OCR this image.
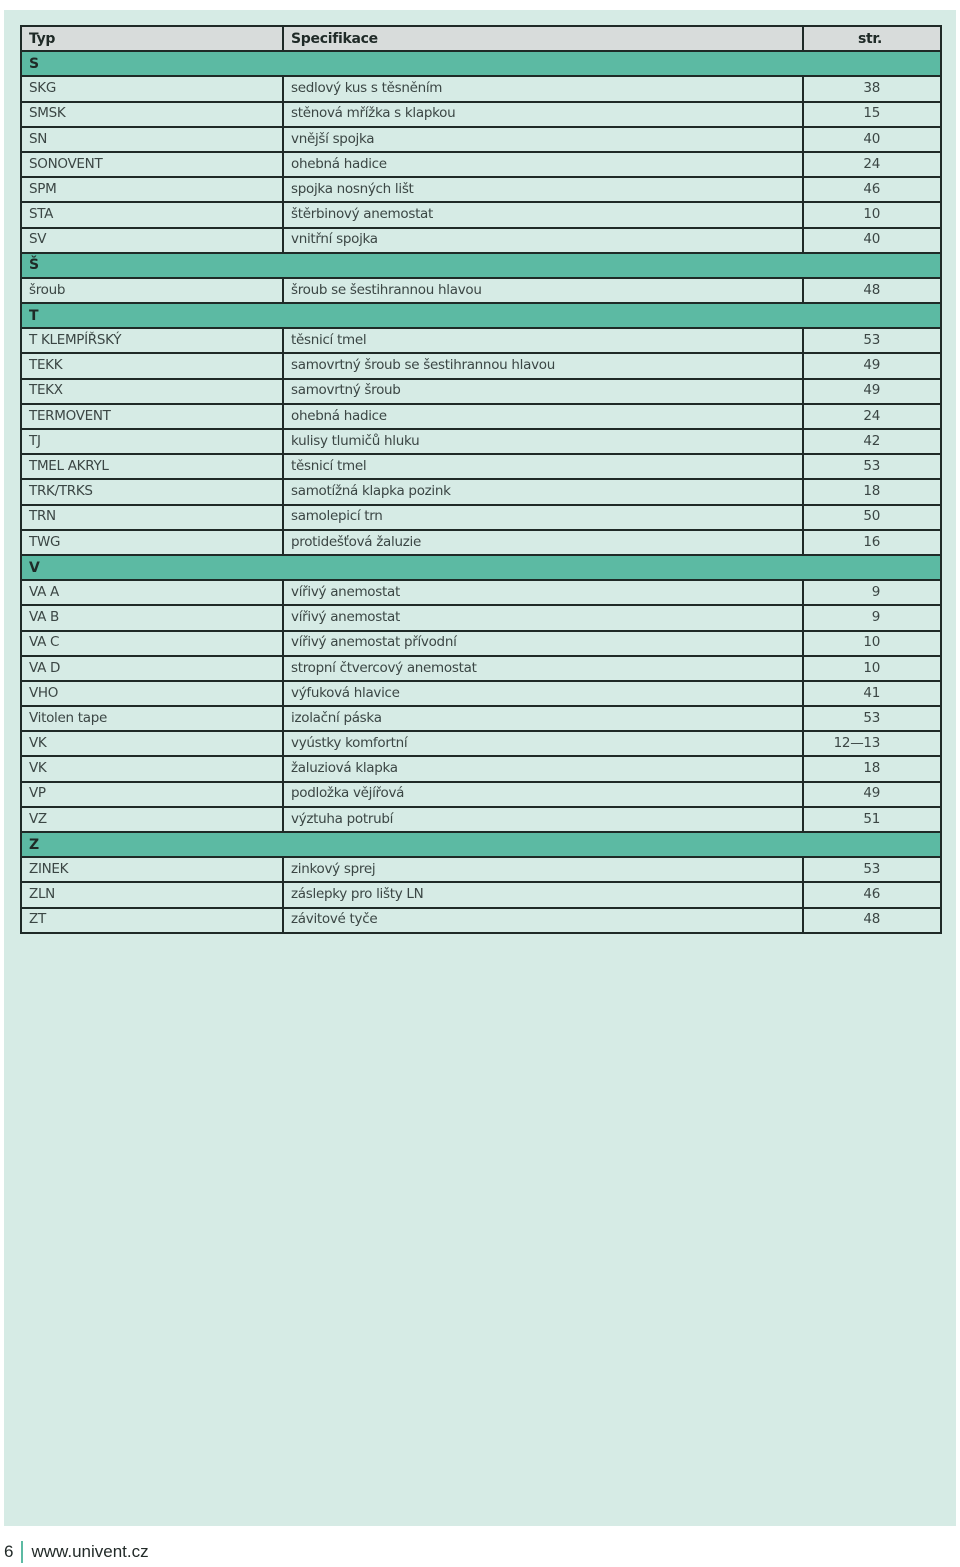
Typ	Specifikace	str.
S		
SKG	sedlový kus s těsněním	38
SMSK	stěnová mřížka s klapkou	15
SN	vnější spojka	40
SONOVENT	ohebná hadice	24
SPM	spojka nosných lišt	46
STA	štěrbinový anemostat	10
SV	vnitřní spojka	40
Š		
šroub	šroub se šestihrannou hlavou	48
T		
T KLEMPÍŘSKÝ	těsnicí tmel	53
TEKK	samovrtný šroub se šestihrannou hlavou	49
TEKX	samovrtný šroub	49
TERMOVENT	ohebná hadice	24
TJ	kulisy tlumičů hluku	42
TMEL AKRYL	těsnicí tmel	53
TRK/TRKS	samotížná klapka pozink	18
TRN	samolepicí trn	50
TWG	protidešťová žaluzie	16
V		
VA A	vířivý anemostat	9
VA B	vířivý anemostat	9
VA C	vířivý anemostat přívodní	10
VA D	stropní čtvercový anemostat	10
VHO	výfuková hlavice	41
Vitolen tape	izolační páska	53
VK	vyústky komfortní	12—13
VK	žaluziová klapka	18
VP	podložka vějířová	49
VZ	výztuha potrubí	51
Z		
ZINEK	zinkový sprej	53
ZLN	záslepky pro lišty LN	46
ZT	závitové tyče	48
6	www.univent.cz
